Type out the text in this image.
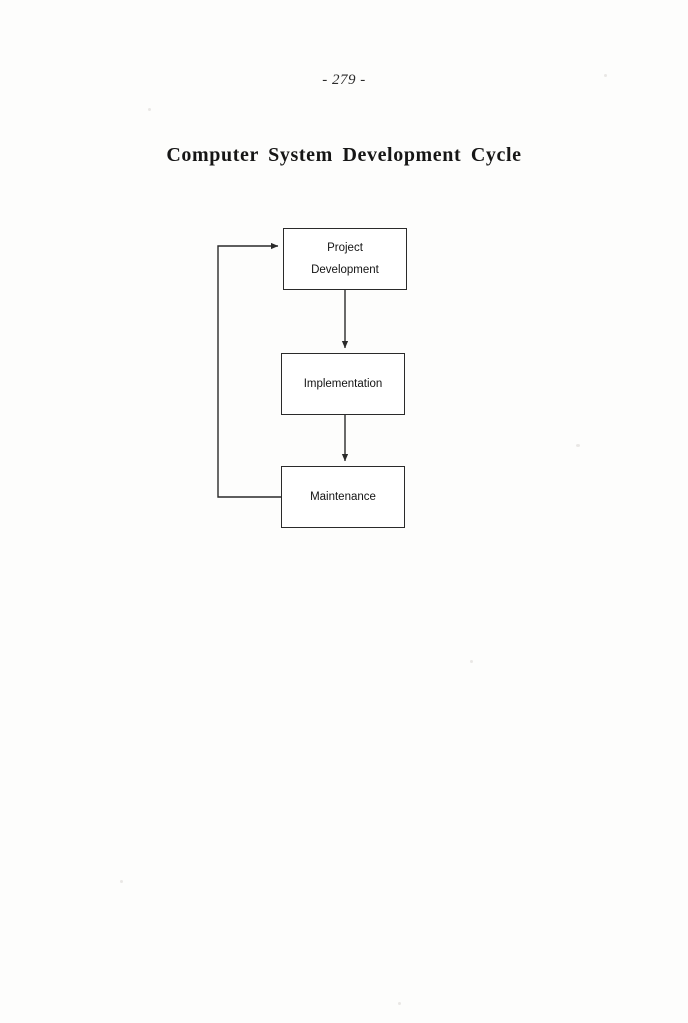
- 279 -
Computer System Development Cycle
Project
Development
Implementation
Maintenance
